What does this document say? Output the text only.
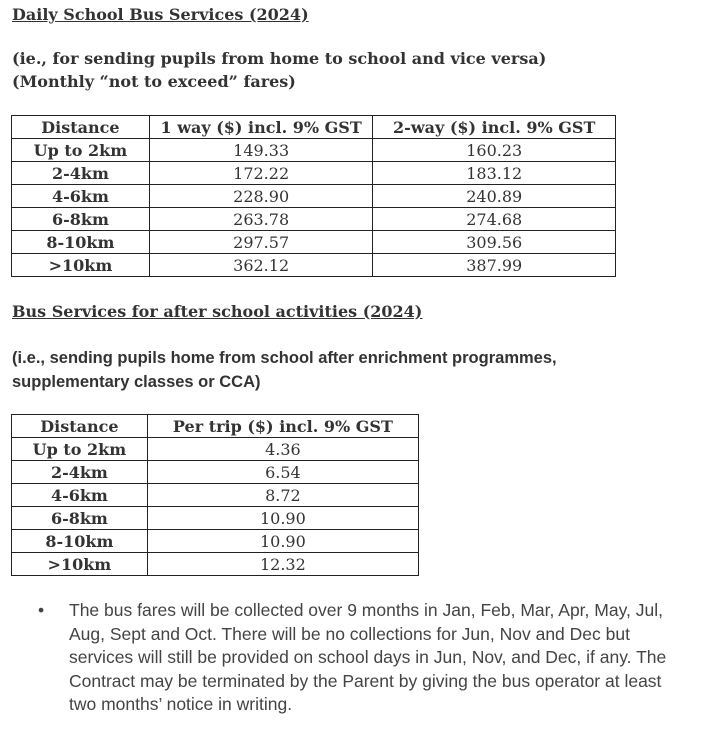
Daily School Bus Services (2024)
(ie., for sending pupils from home to school and vice versa)
(Monthly “not to exceed” fares)
Distance	1 way ($) incl. 9% GST	2-way ($) incl. 9% GST
Up to 2km	149.33	160.23
2-4km	172.22	183.12
4-6km	228.90	240.89
6-8km	263.78	274.68
8-10km	297.57	309.56
>10km	362.12	387.99
Bus Services for after school activities (2024)
(i.e., sending pupils home from school after enrichment programmes,
supplementary classes or CCA)
Distance	Per trip ($) incl. 9% GST
Up to 2km	4.36
2-4km	6.54
4-6km	8.72
6-8km	10.90
8-10km	10.90
>10km	12.32
• The bus fares will be collected over 9 months in Jan, Feb, Mar, Apr, May, Jul, Aug, Sept and Oct. There will be no collections for Jun, Nov and Dec but services will still be provided on school days in Jun, Nov, and Dec, if any. The Contract may be terminated by the Parent by giving the bus operator at least two months’ notice in writing.
